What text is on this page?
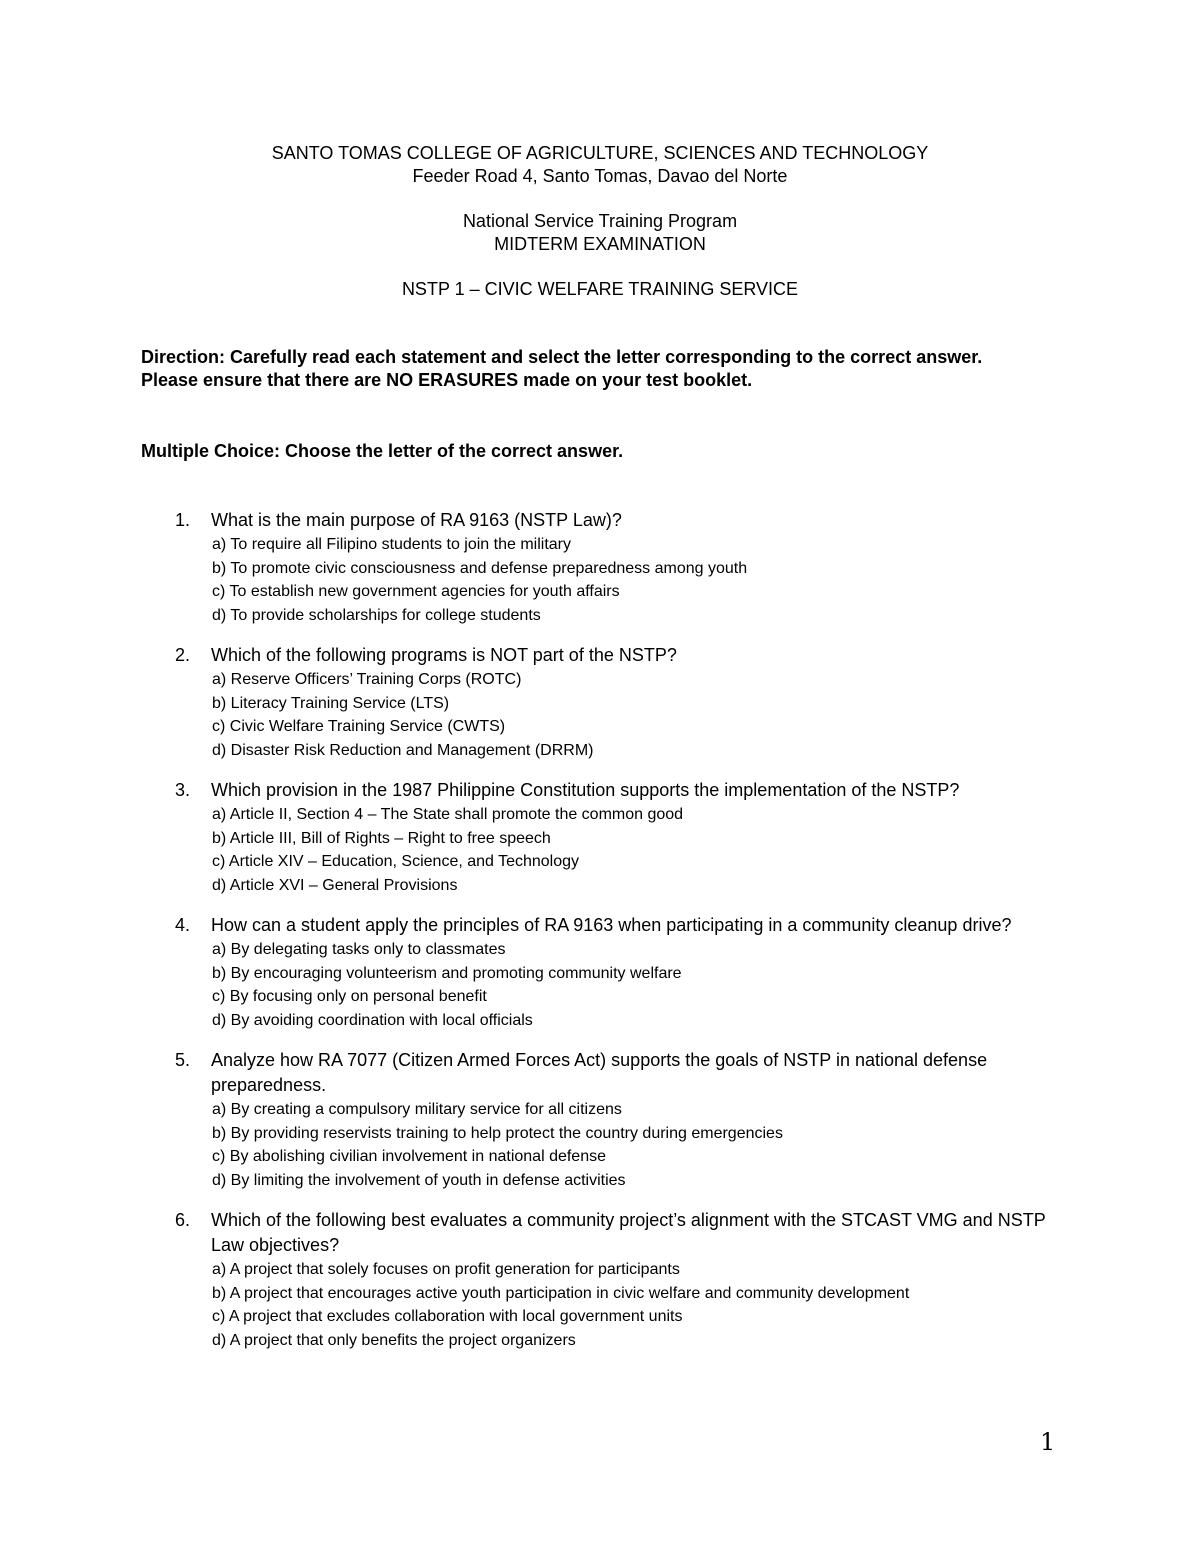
SANTO TOMAS COLLEGE OF AGRICULTURE, SCIENCES AND TECHNOLOGY
Feeder Road 4, Santo Tomas, Davao del Norte
National Service Training Program
MIDTERM EXAMINATION
NSTP 1 – CIVIC WELFARE TRAINING SERVICE
Direction: Carefully read each statement and select the letter corresponding to the correct answer.
Please ensure that there are NO ERASURES made on your test booklet.
Multiple Choice: Choose the letter of the correct answer.
1. What is the main purpose of RA 9163 (NSTP Law)?
a) To require all Filipino students to join the military
b) To promote civic consciousness and defense preparedness among youth
c) To establish new government agencies for youth affairs
d) To provide scholarships for college students
2. Which of the following programs is NOT part of the NSTP?
a) Reserve Officers’ Training Corps (ROTC)
b) Literacy Training Service (LTS)
c) Civic Welfare Training Service (CWTS)
d) Disaster Risk Reduction and Management (DRRM)
3. Which provision in the 1987 Philippine Constitution supports the implementation of the NSTP?
a) Article II, Section 4 – The State shall promote the common good
b) Article III, Bill of Rights – Right to free speech
c) Article XIV – Education, Science, and Technology
d) Article XVI – General Provisions
4. How can a student apply the principles of RA 9163 when participating in a community cleanup drive?
a) By delegating tasks only to classmates
b) By encouraging volunteerism and promoting community welfare
c) By focusing only on personal benefit
d) By avoiding coordination with local officials
5. Analyze how RA 7077 (Citizen Armed Forces Act) supports the goals of NSTP in national defense preparedness.
a) By creating a compulsory military service for all citizens
b) By providing reservists training to help protect the country during emergencies
c) By abolishing civilian involvement in national defense
d) By limiting the involvement of youth in defense activities
6. Which of the following best evaluates a community project’s alignment with the STCAST VMG and NSTP Law objectives?
a) A project that solely focuses on profit generation for participants
b) A project that encourages active youth participation in civic welfare and community development
c) A project that excludes collaboration with local government units
d) A project that only benefits the project organizers
1
